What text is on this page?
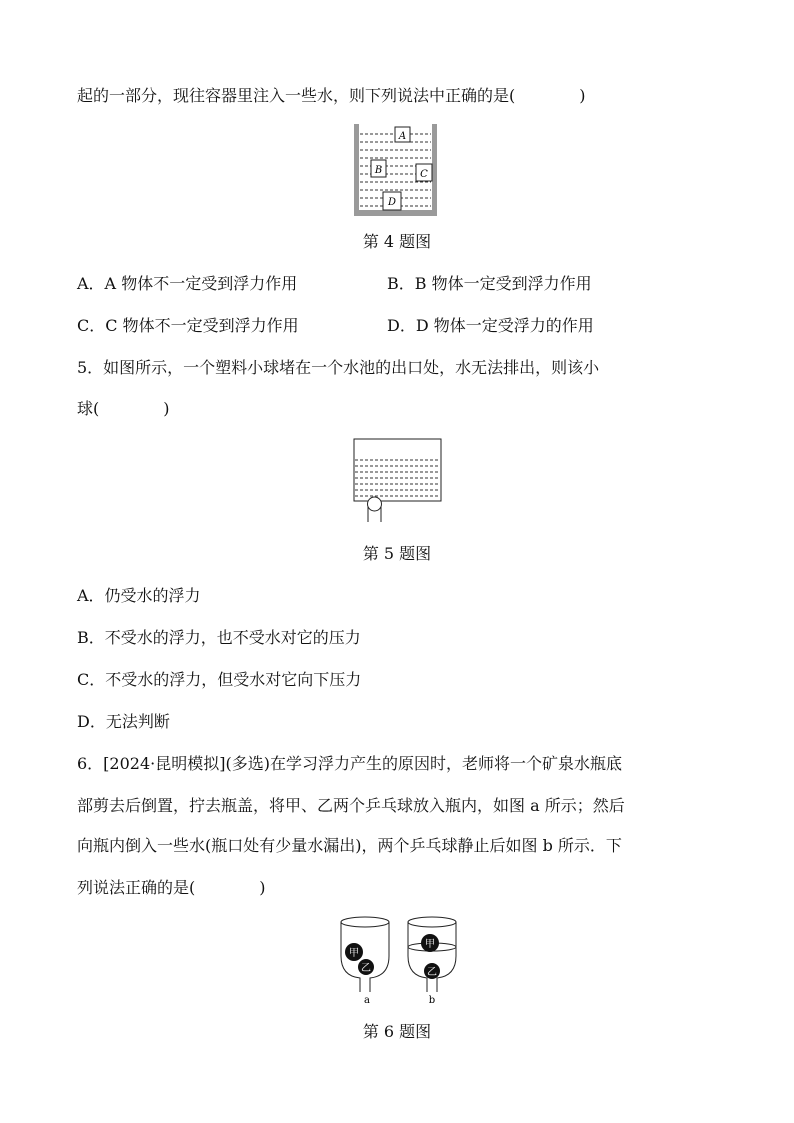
起的一部分，现往容器里注入一些水，则下列说法中正确的是(　　　　)
A
B	C
D
第 4 题图
A．A 物体不一定受到浮力作用	B．B 物体一定受到浮力作用
C．C 物体不一定受到浮力作用	D．D 物体一定受浮力的作用
5．如图所示，一个塑料小球堵在一个水池的出口处，水无法排出，则该小
球(　　　　)
第 5 题图
A．仍受水的浮力
B．不受水的浮力，也不受水对它的压力
C．不受水的浮力，但受水对它向下压力
D．无法判断
6．[2024·昆明模拟](多选)在学习浮力产生的原因时，老师将一个矿泉水瓶底
部剪去后倒置，拧去瓶盖，将甲、乙两个乒乓球放入瓶内，如图 a 所示；然后
向瓶内倒入一些水(瓶口处有少量水漏出)，两个乒乓球静止后如图 b 所示．下
列说法正确的是(　　　　)
甲
乙
a
甲
乙
b
第 6 题图
